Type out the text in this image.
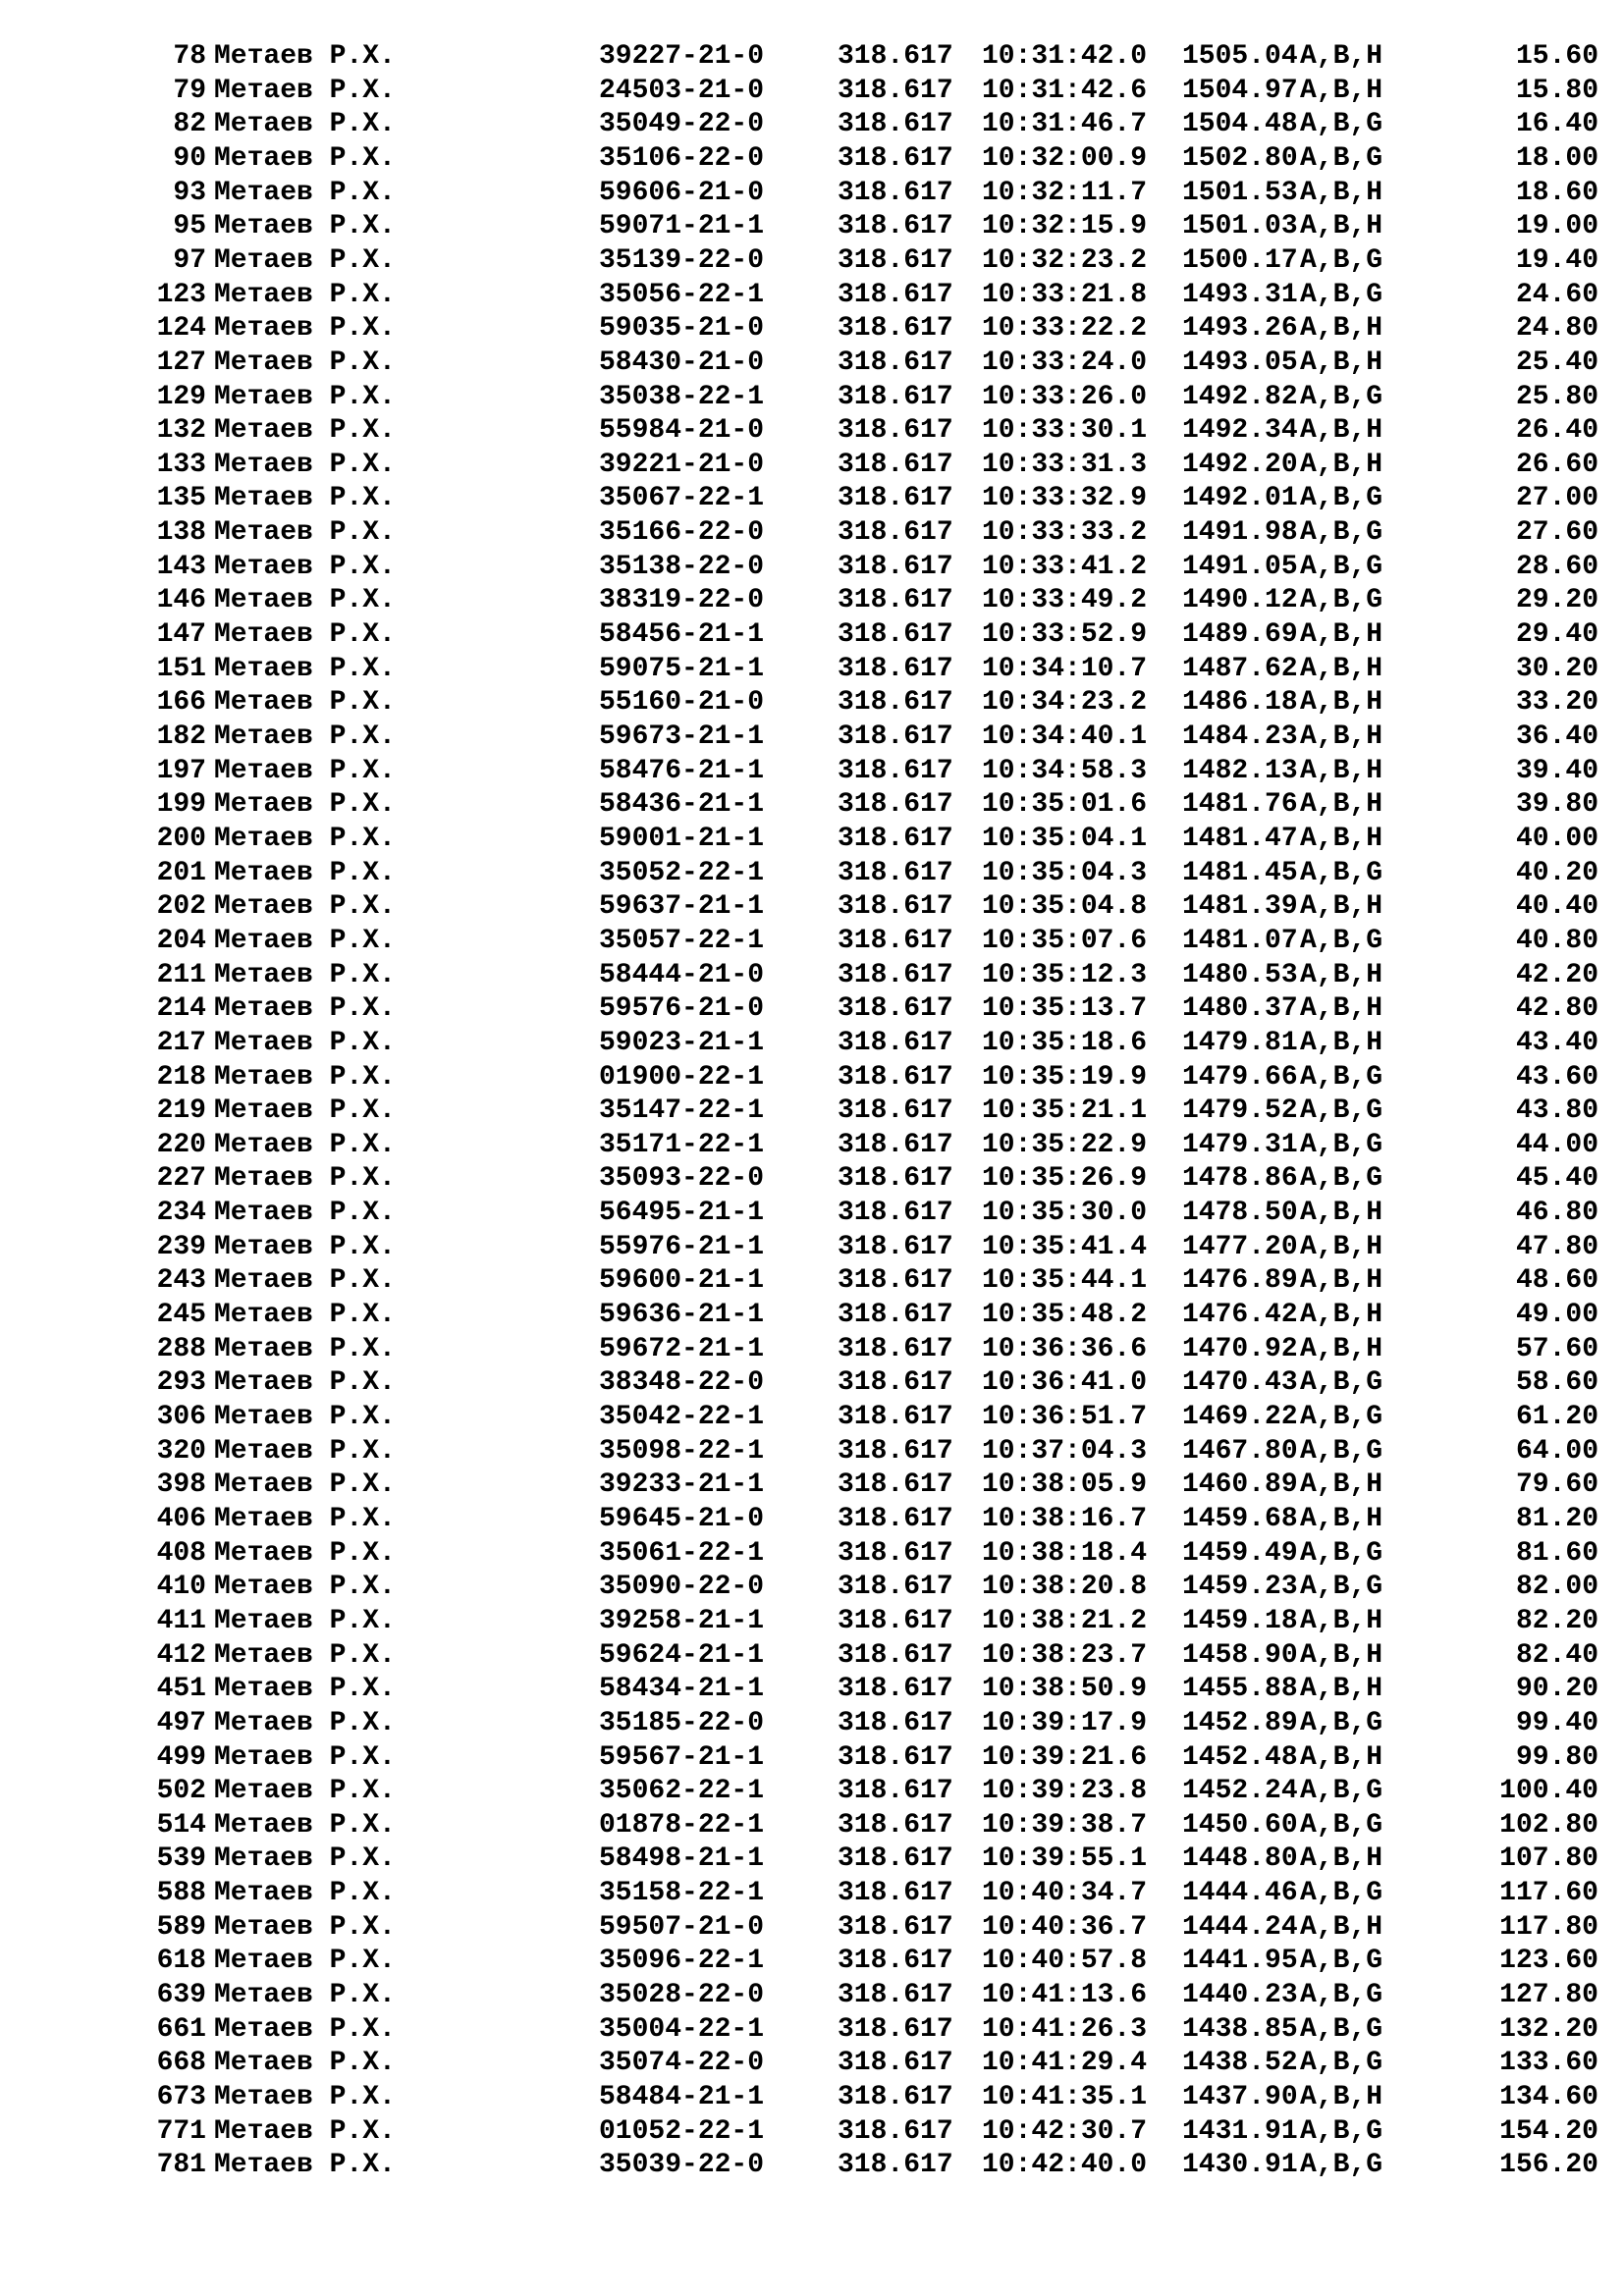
78 Метаев Р.Х.	39227-21-0	318.617 10:31:42.0 1505.04 A,B,H	15.60
79 Метаев Р.Х.	24503-21-0	318.617 10:31:42.6 1504.97 A,B,H	15.80
82 Метаев Р.Х.	35049-22-0	318.617 10:31:46.7 1504.48 A,B,G	16.40
90 Метаев Р.Х.	35106-22-0	318.617 10:32:00.9 1502.80 A,B,G	18.00
93 Метаев Р.Х.	59606-21-0	318.617 10:32:11.7 1501.53 A,B,H	18.60
95 Метаев Р.Х.	59071-21-1	318.617 10:32:15.9 1501.03 A,B,H	19.00
97 Метаев Р.Х.	35139-22-0	318.617 10:32:23.2 1500.17 A,B,G	19.40
123 Метаев Р.Х.	35056-22-1	318.617 10:33:21.8 1493.31 A,B,G	24.60
124 Метаев Р.Х.	59035-21-0	318.617 10:33:22.2 1493.26 A,B,H	24.80
127 Метаев Р.Х.	58430-21-0	318.617 10:33:24.0 1493.05 A,B,H	25.40
129 Метаев Р.Х.	35038-22-1	318.617 10:33:26.0 1492.82 A,B,G	25.80
132 Метаев Р.Х.	55984-21-0	318.617 10:33:30.1 1492.34 A,B,H	26.40
133 Метаев Р.Х.	39221-21-0	318.617 10:33:31.3 1492.20 A,B,H	26.60
135 Метаев Р.Х.	35067-22-1	318.617 10:33:32.9 1492.01 A,B,G	27.00
138 Метаев Р.Х.	35166-22-0	318.617 10:33:33.2 1491.98 A,B,G	27.60
143 Метаев Р.Х.	35138-22-0	318.617 10:33:41.2 1491.05 A,B,G	28.60
146 Метаев Р.Х.	38319-22-0	318.617 10:33:49.2 1490.12 A,B,G	29.20
147 Метаев Р.Х.	58456-21-1	318.617 10:33:52.9 1489.69 A,B,H	29.40
151 Метаев Р.Х.	59075-21-1	318.617 10:34:10.7 1487.62 A,B,H	30.20
166 Метаев Р.Х.	55160-21-0	318.617 10:34:23.2 1486.18 A,B,H	33.20
182 Метаев Р.Х.	59673-21-1	318.617 10:34:40.1 1484.23 A,B,H	36.40
197 Метаев Р.Х.	58476-21-1	318.617 10:34:58.3 1482.13 A,B,H	39.40
199 Метаев Р.Х.	58436-21-1	318.617 10:35:01.6 1481.76 A,B,H	39.80
200 Метаев Р.Х.	59001-21-1	318.617 10:35:04.1 1481.47 A,B,H	40.00
201 Метаев Р.Х.	35052-22-1	318.617 10:35:04.3 1481.45 A,B,G	40.20
202 Метаев Р.Х.	59637-21-1	318.617 10:35:04.8 1481.39 A,B,H	40.40
204 Метаев Р.Х.	35057-22-1	318.617 10:35:07.6 1481.07 A,B,G	40.80
211 Метаев Р.Х.	58444-21-0	318.617 10:35:12.3 1480.53 A,B,H	42.20
214 Метаев Р.Х.	59576-21-0	318.617 10:35:13.7 1480.37 A,B,H	42.80
217 Метаев Р.Х.	59023-21-1	318.617 10:35:18.6 1479.81 A,B,H	43.40
218 Метаев Р.Х.	01900-22-1	318.617 10:35:19.9 1479.66 A,B,G	43.60
219 Метаев Р.Х.	35147-22-1	318.617 10:35:21.1 1479.52 A,B,G	43.80
220 Метаев Р.Х.	35171-22-1	318.617 10:35:22.9 1479.31 A,B,G	44.00
227 Метаев Р.Х.	35093-22-0	318.617 10:35:26.9 1478.86 A,B,G	45.40
234 Метаев Р.Х.	56495-21-1	318.617 10:35:30.0 1478.50 A,B,H	46.80
239 Метаев Р.Х.	55976-21-1	318.617 10:35:41.4 1477.20 A,B,H	47.80
243 Метаев Р.Х.	59600-21-1	318.617 10:35:44.1 1476.89 A,B,H	48.60
245 Метаев Р.Х.	59636-21-1	318.617 10:35:48.2 1476.42 A,B,H	49.00
288 Метаев Р.Х.	59672-21-1	318.617 10:36:36.6 1470.92 A,B,H	57.60
293 Метаев Р.Х.	38348-22-0	318.617 10:36:41.0 1470.43 A,B,G	58.60
306 Метаев Р.Х.	35042-22-1	318.617 10:36:51.7 1469.22 A,B,G	61.20
320 Метаев Р.Х.	35098-22-1	318.617 10:37:04.3 1467.80 A,B,G	64.00
398 Метаев Р.Х.	39233-21-1	318.617 10:38:05.9 1460.89 A,B,H	79.60
406 Метаев Р.Х.	59645-21-0	318.617 10:38:16.7 1459.68 A,B,H	81.20
408 Метаев Р.Х.	35061-22-1	318.617 10:38:18.4 1459.49 A,B,G	81.60
410 Метаев Р.Х.	35090-22-0	318.617 10:38:20.8 1459.23 A,B,G	82.00
411 Метаев Р.Х.	39258-21-1	318.617 10:38:21.2 1459.18 A,B,H	82.20
412 Метаев Р.Х.	59624-21-1	318.617 10:38:23.7 1458.90 A,B,H	82.40
451 Метаев Р.Х.	58434-21-1	318.617 10:38:50.9 1455.88 A,B,H	90.20
497 Метаев Р.Х.	35185-22-0	318.617 10:39:17.9 1452.89 A,B,G	99.40
499 Метаев Р.Х.	59567-21-1	318.617 10:39:21.6 1452.48 A,B,H	99.80
502 Метаев Р.Х.	35062-22-1	318.617 10:39:23.8 1452.24 A,B,G	100.40
514 Метаев Р.Х.	01878-22-1	318.617 10:39:38.7 1450.60 A,B,G	102.80
539 Метаев Р.Х.	58498-21-1	318.617 10:39:55.1 1448.80 A,B,H	107.80
588 Метаев Р.Х.	35158-22-1	318.617 10:40:34.7 1444.46 A,B,G	117.60
589 Метаев Р.Х.	59507-21-0	318.617 10:40:36.7 1444.24 A,B,H	117.80
618 Метаев Р.Х.	35096-22-1	318.617 10:40:57.8 1441.95 A,B,G	123.60
639 Метаев Р.Х.	35028-22-0	318.617 10:41:13.6 1440.23 A,B,G	127.80
661 Метаев Р.Х.	35004-22-1	318.617 10:41:26.3 1438.85 A,B,G	132.20
668 Метаев Р.Х.	35074-22-0	318.617 10:41:29.4 1438.52 A,B,G	133.60
673 Метаев Р.Х.	58484-21-1	318.617 10:41:35.1 1437.90 A,B,H	134.60
771 Метаев Р.Х.	01052-22-1	318.617 10:42:30.7 1431.91 A,B,G	154.20
781 Метаев Р.Х.	35039-22-0	318.617 10:42:40.0 1430.91 A,B,G	156.20
